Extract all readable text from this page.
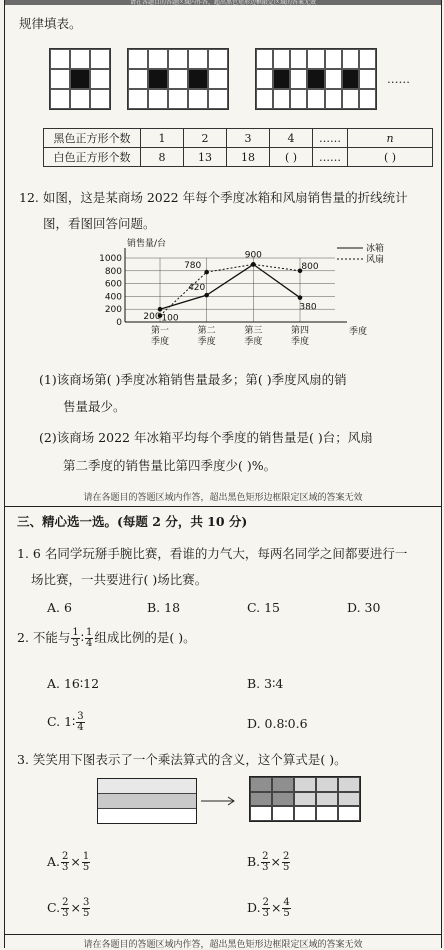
请在各题目的答题区域内作答，超出黑色矩形边框限定区域的答案无效
规律填表。
……
黑色正方形个数	1	2	3	4	……	n
白色正方形个数	8	13	18	( )	……	( )
12. 如图，这是某商场 2022 年每个季度冰箱和风扇销售量的折线统计
图，看图回答问题。
0
200
400
600
800
1000
销售量/台
季度
第一
季度
第二
季度
第三
季度
第四
季度
200
420
900
380
100
780	800
冰箱
风扇
(1)该商场第( )季度冰箱销售量最多；第( )季度风扇的销
售量最少。
(2)该商场 2022 年冰箱平均每个季度的销售量是( )台；风扇
第二季度的销售量比第四季度少( )%。
请在各题目的答题区域内作答，超出黑色矩形边框限定区域的答案无效
三、精心选一选。(每题 2 分，共 10 分)
1. 6 名同学玩掰手腕比赛，看谁的力气大，每两名同学之间都要进行一
场比赛，一共要进行( )场比赛。
A. 6	B. 18	C. 15	D. 30
2. 不能与 $\frac{1}{3}$ ∶ $\frac{1}{4}$ 组成比例的是( )。
A. 16∶12	B. 3∶4
C. 1∶ $\frac{3}{4}$	D. 0.8∶0.6
3. 笑笑用下图表示了一个乘法算式的含义，这个算式是( )。
A. $\frac{2}{3} \times \frac{1}{5}$	B. $\frac{2}{3} \times \frac{2}{5}$
C. $\frac{2}{3} \times \frac{3}{5}$	D. $\frac{2}{3} \times \frac{4}{5}$
请在各题目的答题区域内作答，超出黑色矩形边框限定区域的答案无效
